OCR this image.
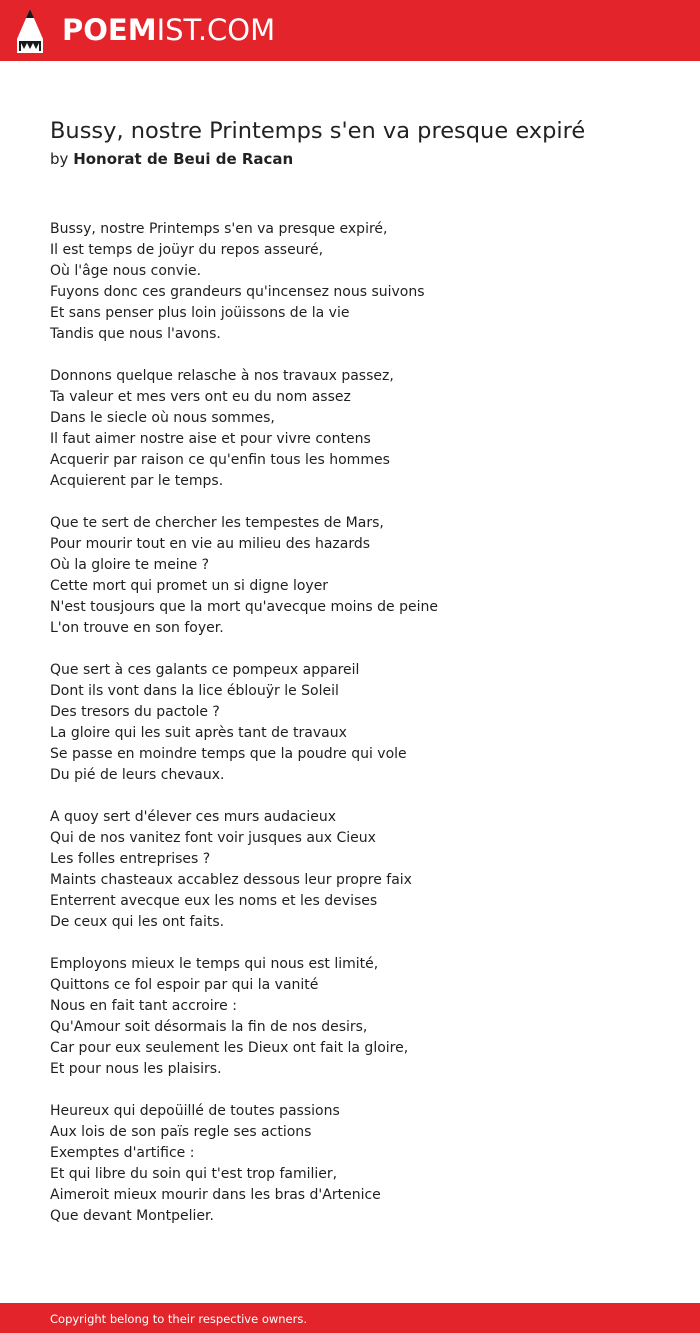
POEMIST.COM
Bussy, nostre Printemps s'en va presque expiré
by Honorat de Beui de Racan
Bussy, nostre Printemps s'en va presque expiré,
Il est temps de joüyr du repos asseuré,
Où l'âge nous convie.
Fuyons donc ces grandeurs qu'incensez nous suivons
Et sans penser plus loin joüissons de la vie
Tandis que nous l'avons.
Donnons quelque relasche à nos travaux passez,
Ta valeur et mes vers ont eu du nom assez
Dans le siecle où nous sommes,
Il faut aimer nostre aise et pour vivre contens
Acquerir par raison ce qu'enfin tous les hommes
Acquierent par le temps.
Que te sert de chercher les tempestes de Mars,
Pour mourir tout en vie au milieu des hazards
Où la gloire te meine ?
Cette mort qui promet un si digne loyer
N'est tousjours que la mort qu'avecque moins de peine
L'on trouve en son foyer.
Que sert à ces galants ce pompeux appareil
Dont ils vont dans la lice éblouÿr le Soleil
Des tresors du pactole ?
La gloire qui les suit après tant de travaux
Se passe en moindre temps que la poudre qui vole
Du pié de leurs chevaux.
A quoy sert d'élever ces murs audacieux
Qui de nos vanitez font voir jusques aux Cieux
Les folles entreprises ?
Maints chasteaux accablez dessous leur propre faix
Enterrent avecque eux les noms et les devises
De ceux qui les ont faits.
Employons mieux le temps qui nous est limité,
Quittons ce fol espoir par qui la vanité
Nous en fait tant accroire :
Qu'Amour soit désormais la fin de nos desirs,
Car pour eux seulement les Dieux ont fait la gloire,
Et pour nous les plaisirs.
Heureux qui depoüillé de toutes passions
Aux lois de son païs regle ses actions
Exemptes d'artifice :
Et qui libre du soin qui t'est trop familier,
Aimeroit mieux mourir dans les bras d'Artenice
Que devant Montpelier.
Copyright belong to their respective owners.
